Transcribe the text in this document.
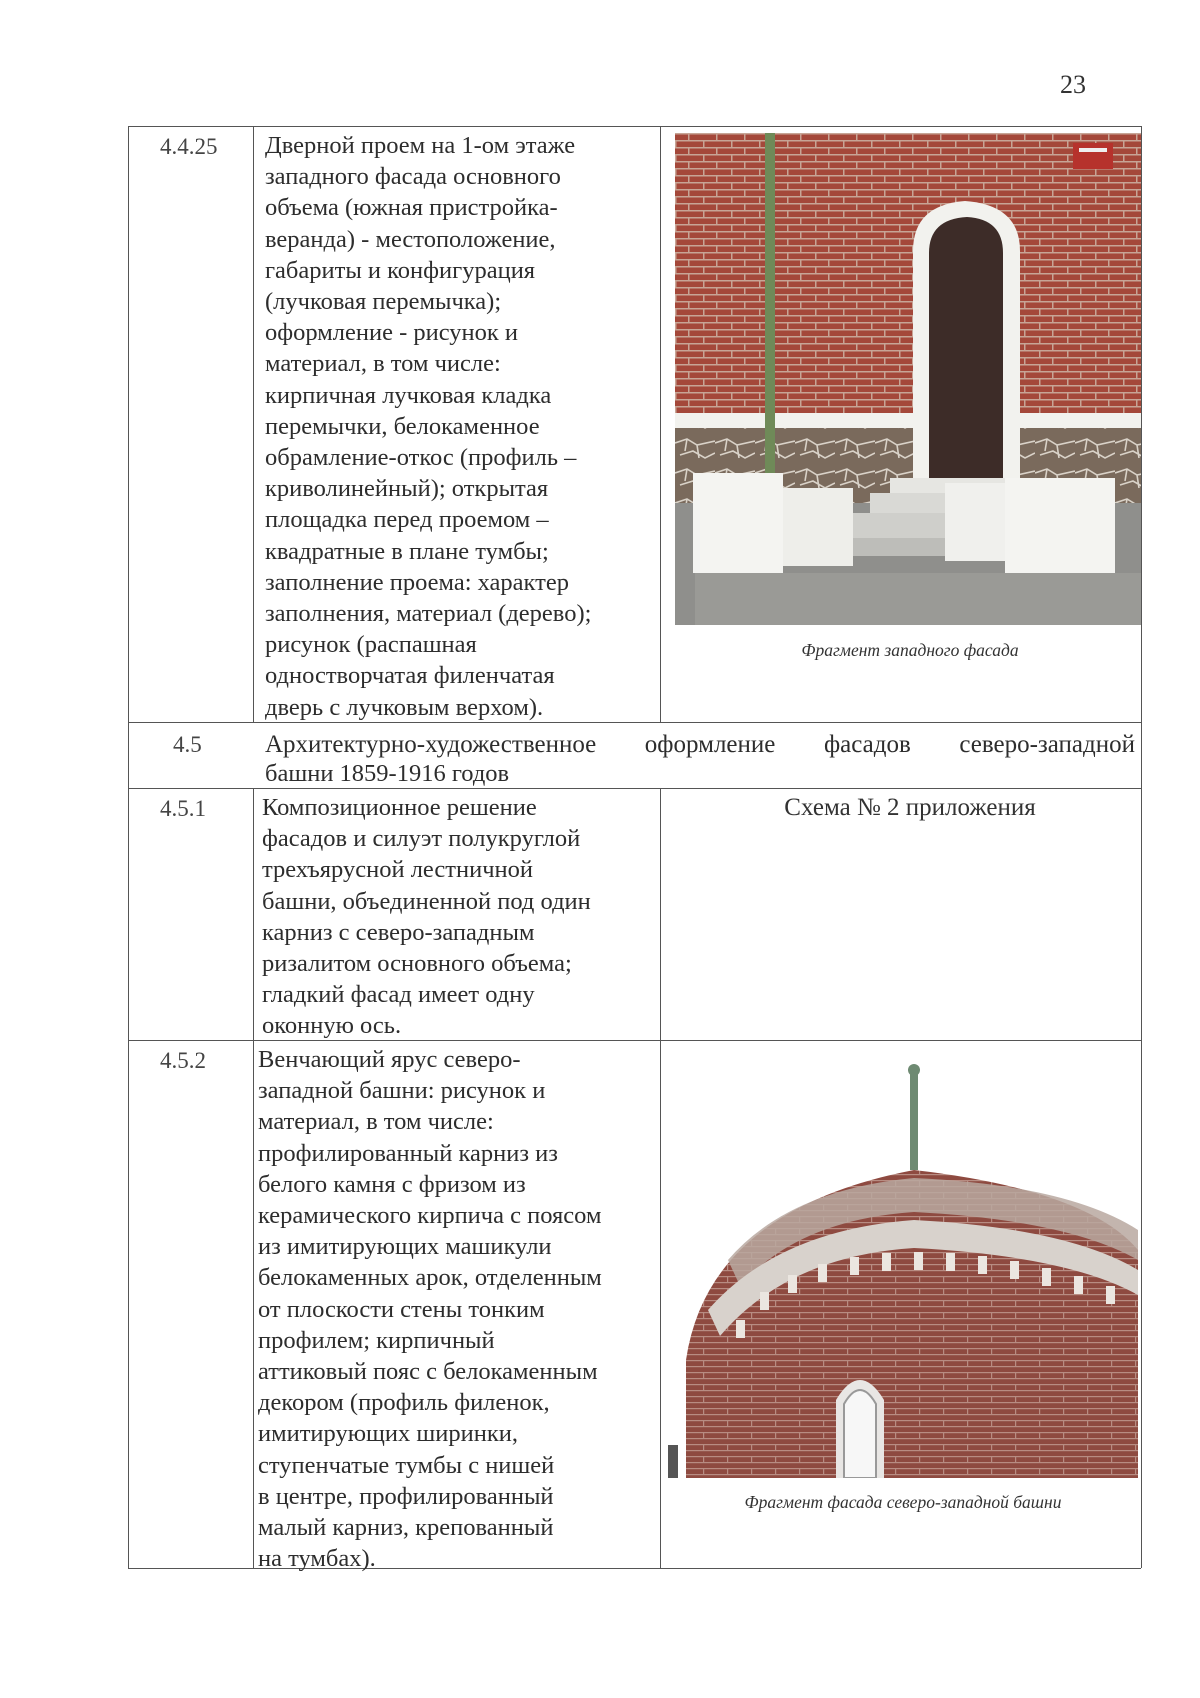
23
4.4.25 Дверной проем на 1-ом этаже
западного фасада основного
объема (южная пристройка-
веранда) - местоположение,
габариты и конфигурация
(лучковая перемычка);
оформление - рисунок и
материал, в том числе:
кирпичная лучковая кладка
перемычки, белокаменное
обрамление-откос (профиль –
криволинейный); открытая
площадка перед проемом –
квадратные в плане тумбы;
заполнение проема: характер
заполнения, материал (дерево);
рисунок (распашная
одностворчатая филенчатая
дверь с лучковым верхом).
Фрагмент западного фасада
4.5	Архитектурно-художественное оформление фасадов северо-западной
башни 1859-1916 годов
4.5.1 Композиционное решение
фасадов и силуэт полукруглой
трехъярусной лестничной
башни, объединенной под один
карниз с северо-западным
ризалитом основного объема;
гладкий фасад имеет одну
оконную ось.
Схема № 2 приложения
4.5.2 Венчающий ярус северо-
западной башни: рисунок и
материал, в том числе:
профилированный карниз из
белого камня с фризом из
керамического кирпича с поясом
из имитирующих машикули
белокаменных арок, отделенным
от плоскости стены тонким
профилем; кирпичный
аттиковый пояс с белокаменным
декором (профиль филенок,
имитирующих ширинки,
ступенчатые тумбы с нишей
в центре, профилированный
малый карниз, крепованный
на тумбах).
Фрагмент фасада северо-западной башни
